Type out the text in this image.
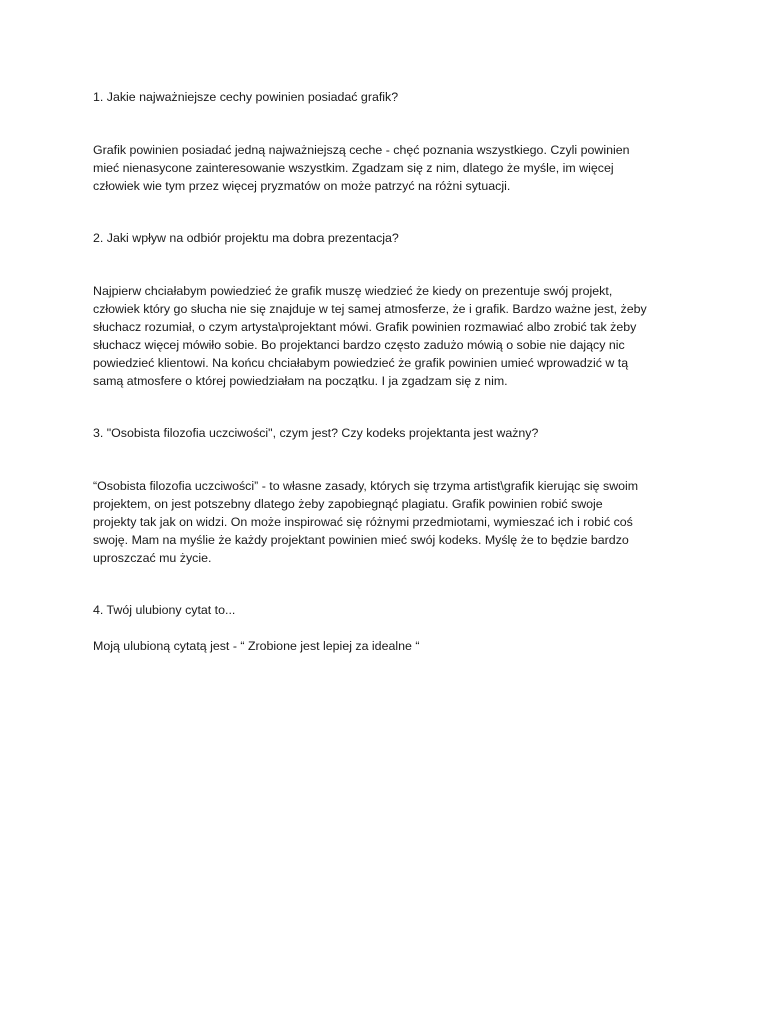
1. Jakie najważniejsze cechy powinien posiadać grafik?

Grafik powinien posiadać jedną najważniejszą ceche - chęć poznania wszystkiego. Czyli powinien
mieć nienasycone zainteresowanie wszystkim. Zgadzam się z nim, dlatego że myśle, im więcej
człowiek wie tym przez więcej pryzmatów on może patrzyć na różni sytuacji.

2. Jaki wpływ na odbiór projektu ma dobra prezentacja?

Najpierw chciałabym powiedzieć że grafik muszę wiedzieć że kiedy on prezentuje swój projekt,
człowiek który go słucha nie się znajduje w tej samej atmosferze, że i grafik. Bardzo ważne jest, żeby
słuchacz rozumiał, o czym artysta\projektant mówi. Grafik powinien rozmawiać albo zrobić tak żeby
słuchacz więcej mówiło sobie. Bo projektanci bardzo często zadużo mówią o sobie nie dający nic
powiedzieć klientowi. Na końcu chciałabym powiedzieć że grafik powinien umieć wprowadzić w tą
samą atmosfere o której powiedziałam na początku. I ja zgadzam się z nim.

3. "Osobista filozofia uczciwości", czym jest? Czy kodeks projektanta jest ważny?

“Osobista filozofia uczciwości” - to własne zasady, których się trzyma artist\grafik kierując się swoim
projektem, on jest potszebny dlatego żeby zapobiegnąć plagiatu. Grafik powinien robić swoje
projekty tak jak on widzi. On może inspirować się różnymi przedmiotami, wymieszać ich i robić coś
swoję. Mam na myślie że każdy projektant powinien mieć swój kodeks. Myślę że to będzie bardzo
uproszczać mu życie.

4. Twój ulubiony cytat to...

Moją ulubioną cytatą jest - “ Zrobione jest lepiej za idealne “
